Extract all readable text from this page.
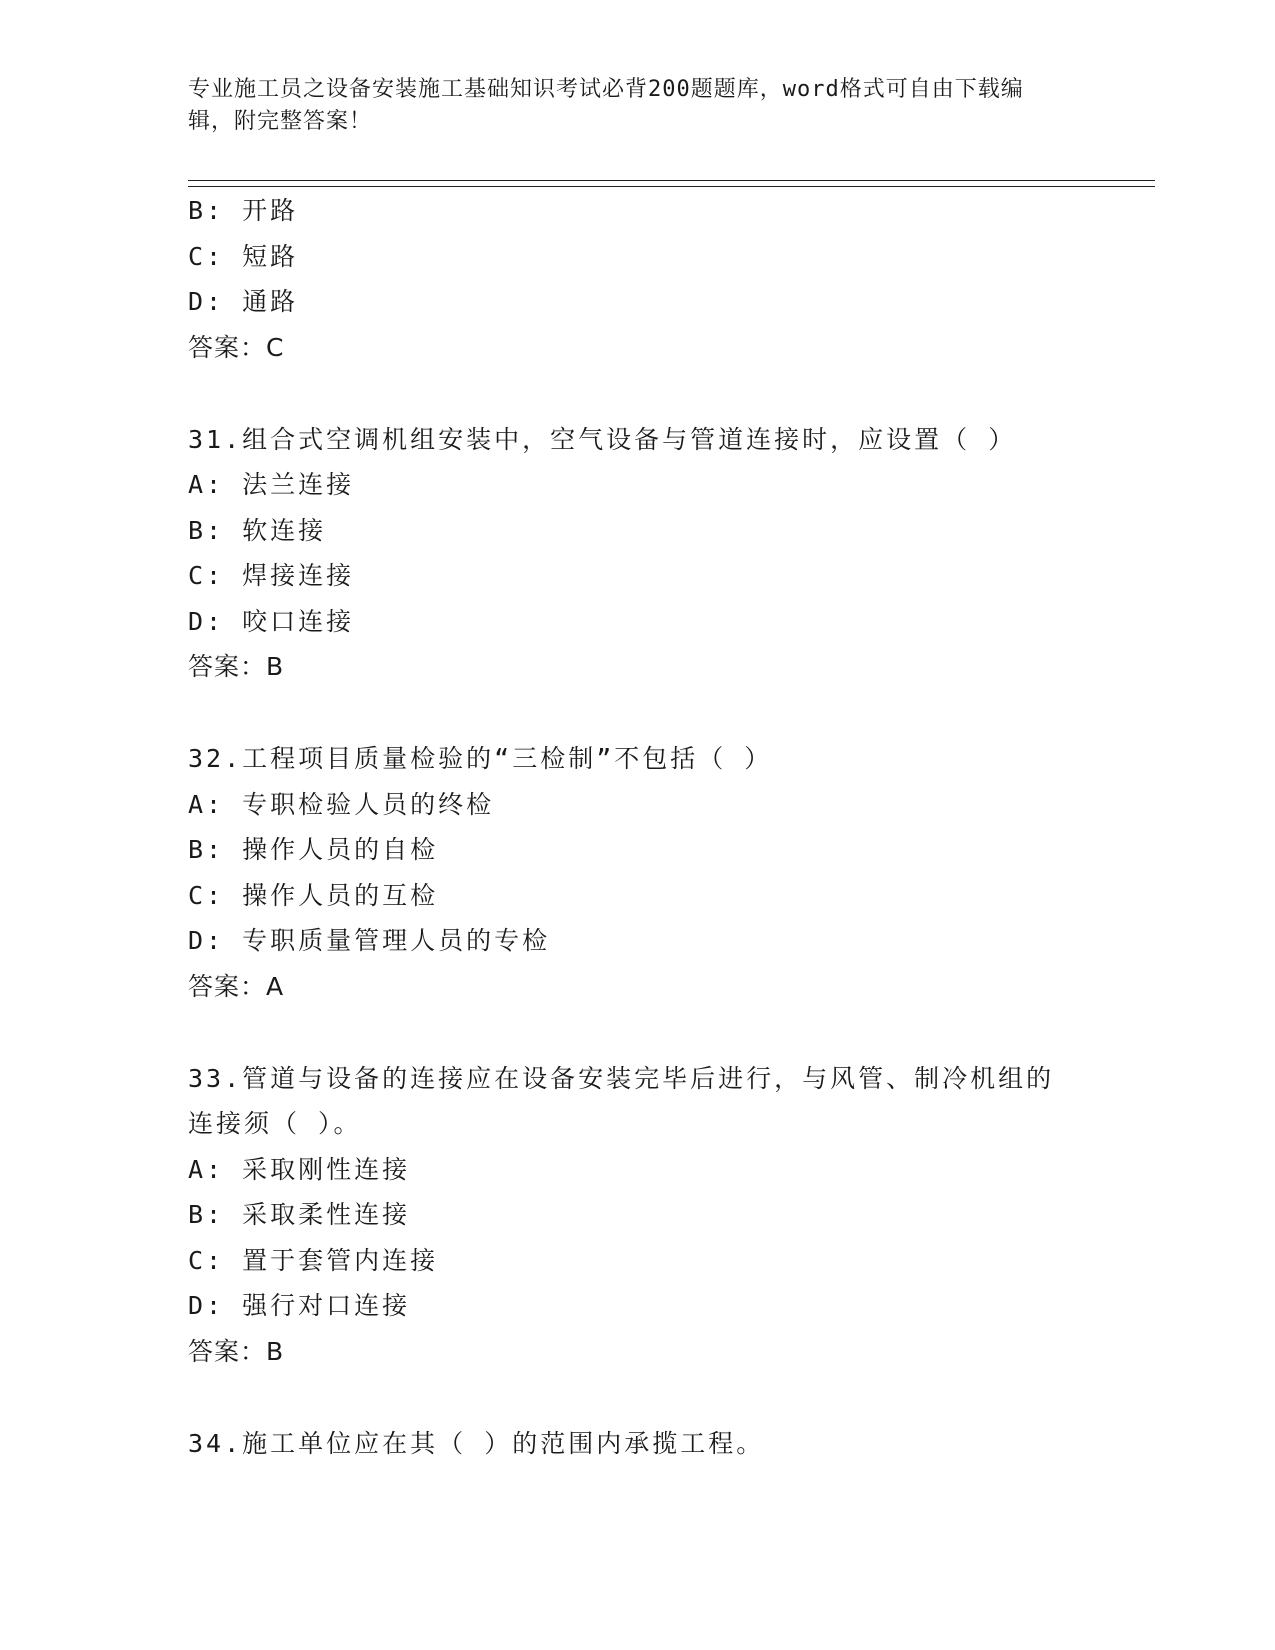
专业施工员之设备安装施工基础知识考试必背200题题库，word格式可自由下载编辑，附完整答案！
B: 开路
C: 短路
D: 通路
答案：C
31.组合式空调机组安装中，空气设备与管道连接时，应设置（ ）
A: 法兰连接
B: 软连接
C: 焊接连接
D: 咬口连接
答案：B
32.工程项目质量检验的“三检制”不包括（ ）
A: 专职检验人员的终检
B: 操作人员的自检
C: 操作人员的互检
D: 专职质量管理人员的专检
答案：A
33.管道与设备的连接应在设备安装完毕后进行，与风管、制冷机组的
连接须（ ）。
A: 采取刚性连接
B: 采取柔性连接
C: 置于套管内连接
D: 强行对口连接
答案：B
34.施工单位应在其（ ）的范围内承揽工程。
